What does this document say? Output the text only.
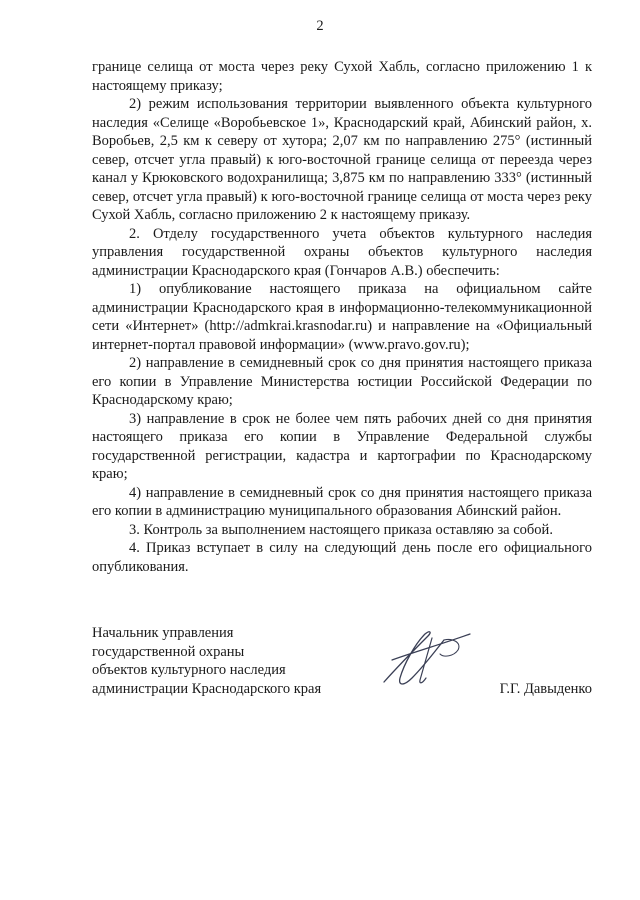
2

границе селища от моста через реку Сухой Хабль, согласно приложению 1 к настоящему приказу;

2) режим использования территории выявленного объекта культурного наследия «Селище «Воробьевское 1», Краснодарский край, Абинский район, х. Воробьев, 2,5 км к северу от хутора; 2,07 км по направлению 275° (истинный север, отсчет угла правый) к юго-восточной границе селища от переезда через канал у Крюковского водохранилища; 3,875 км по направлению 333° (истинный север, отсчет угла правый) к юго-восточной границе селища от моста через реку Сухой Хабль, согласно приложению 2 к настоящему приказу.

2. Отделу государственного учета объектов культурного наследия управления государственной охраны объектов культурного наследия администрации Краснодарского края (Гончаров А.В.) обеспечить:

1) опубликование настоящего приказа на официальном сайте администрации Краснодарского края в информационно-телекоммуникационной сети «Интернет» (http://admkrai.krasnodar.ru) и направление на «Официальный интернет-портал правовой информации» (www.pravo.gov.ru);

2) направление в семидневный срок со дня принятия настоящего приказа его копии в Управление Министерства юстиции Российской Федерации по Краснодарскому краю;

3) направление в срок не более чем пять рабочих дней со дня принятия настоящего приказа его копии в Управление Федеральной службы государственной регистрации, кадастра и картографии по Краснодарскому краю;

4) направление в семидневный срок со дня принятия настоящего приказа его копии в администрацию муниципального образования Абинский район.

3. Контроль за выполнением настоящего приказа оставляю за собой.

4. Приказ вступает в силу на следующий день после его официального опубликования.

Начальник управления
государственной охраны
объектов культурного наследия
администрации Краснодарского края	Г.Г. Давыденко
